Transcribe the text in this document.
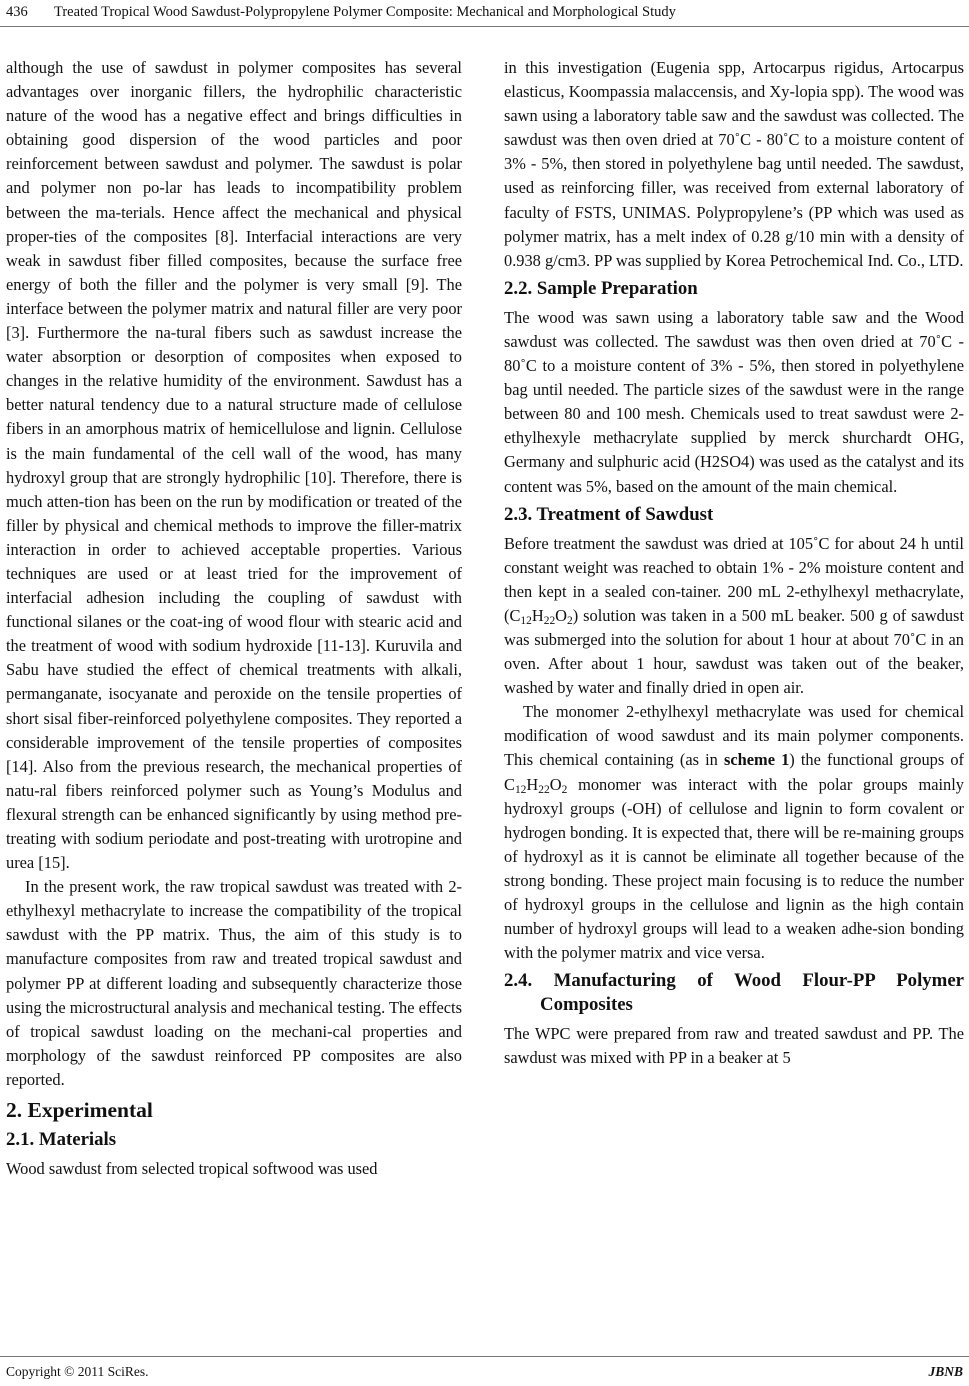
436 Treated Tropical Wood Sawdust-Polypropylene Polymer Composite: Mechanical and Morphological Study

although the use of sawdust in polymer composites has several advantages over inorganic fillers, the hydrophilic characteristic nature of the wood has a negative effect and brings difficulties in obtaining good dispersion of the wood particles and poor reinforcement between sawdust and polymer. The sawdust is polar and polymer non po-lar has leads to incompatibility problem between the ma-terials. Hence affect the mechanical and physical proper-ties of the composites [8]. Interfacial interactions are very weak in sawdust fiber filled composites, because the surface free energy of both the filler and the polymer is very small [9]. The interface between the polymer matrix and natural filler are very poor [3]. Furthermore the na-tural fibers such as sawdust increase the water absorption or desorption of composites when exposed to changes in the relative humidity of the environment. Sawdust has a better natural tendency due to a natural structure made of cellulose fibers in an amorphous matrix of hemicellulose and lignin. Cellulose is the main fundamental of the cell wall of the wood, has many hydroxyl group that are strongly hydrophilic [10]. Therefore, there is much atten-tion has been on the run by modification or treated of the filler by physical and chemical methods to improve the filler-matrix interaction in order to achieved acceptable properties. Various techniques are used or at least tried for the improvement of interfacial adhesion including the coupling of sawdust with functional silanes or the coat-ing of wood flour with stearic acid and the treatment of wood with sodium hydroxide [11-13]. Kuruvila and Sabu have studied the effect of chemical treatments with alkali, permanganate, isocyanate and peroxide on the tensile properties of short sisal fiber-reinforced polyethylene composites. They reported a considerable improvement of the tensile properties of composites [14]. Also from the previous research, the mechanical properties of natu-ral fibers reinforced polymer such as Young’s Modulus and flexural strength can be enhanced significantly by using method pre-treating with sodium periodate and post-treating with urotropine and urea [15].

In the present work, the raw tropical sawdust was treated with 2-ethylhexyl methacrylate to increase the compatibility of the tropical sawdust with the PP matrix. Thus, the aim of this study is to manufacture composites from raw and treated tropical sawdust and polymer PP at different loading and subsequently characterize those using the microstructural analysis and mechanical testing. The effects of tropical sawdust loading on the mechani-cal properties and morphology of the sawdust reinforced PP composites are also reported.

2. Experimental
2.1. Materials

Wood sawdust from selected tropical softwood was used

in this investigation (Eugenia spp, Artocarpus rigidus, Artocarpus elasticus, Koompassia malaccensis, and Xy-lopia spp). The wood was sawn using a laboratory table saw and the sawdust was collected. The sawdust was then oven dried at 70˚C - 80˚C to a moisture content of 3% - 5%, then stored in polyethylene bag until needed. The sawdust, used as reinforcing filler, was received from external laboratory of faculty of FSTS, UNIMAS. Polypropylene’s (PP which was used as polymer matrix, has a melt index of 0.28 g/10 min with a density of 0.938 g/cm3. PP was supplied by Korea Petrochemical Ind. Co., LTD.

2.2. Sample Preparation

The wood was sawn using a laboratory table saw and the Wood sawdust was collected. The sawdust was then oven dried at 70˚C - 80˚C to a moisture content of 3% - 5%, then stored in polyethylene bag until needed. The particle sizes of the sawdust were in the range between 80 and 100 mesh. Chemicals used to treat sawdust were 2-ethylhexyle methacrylate supplied by merck shurchardt OHG, Germany and sulphuric acid (H2SO4) was used as the catalyst and its content was 5%, based on the amount of the main chemical.

2.3. Treatment of Sawdust

Before treatment the sawdust was dried at 105˚C for about 24 h until constant weight was reached to obtain 1% - 2% moisture content and then kept in a sealed con-tainer. 200 mL 2-ethylhexyl methacrylate, $(C_{12}H_{22}O_2)$ solution was taken in a 500 mL beaker. 500 g of sawdust was submerged into the solution for about 1 hour at about 70˚C in an oven. After about 1 hour, sawdust was taken out of the beaker, washed by water and finally dried in open air.

The monomer 2-ethylhexyl methacrylate was used for chemical modification of wood sawdust and its main polymer components. This chemical containing (as in scheme 1) the functional groups of $C_{12}H_{22}O_2$ monomer was interact with the polar groups mainly hydroxyl groups (-OH) of cellulose and lignin to form covalent or hydrogen bonding. It is expected that, there will be re-maining groups of hydroxyl as it is cannot be eliminate all together because of the strong bonding. These project main focusing is to reduce the number of hydroxyl groups in the cellulose and lignin as the high contain number of hydroxyl groups will lead to a weaken adhe-sion bonding with the polymer matrix and vice versa.

2.4. Manufacturing of Wood Flour-PP Polymer Composites

The WPC were prepared from raw and treated sawdust and PP. The sawdust was mixed with PP in a beaker at 5

Copyright © 2011 SciRes.	JBNB
